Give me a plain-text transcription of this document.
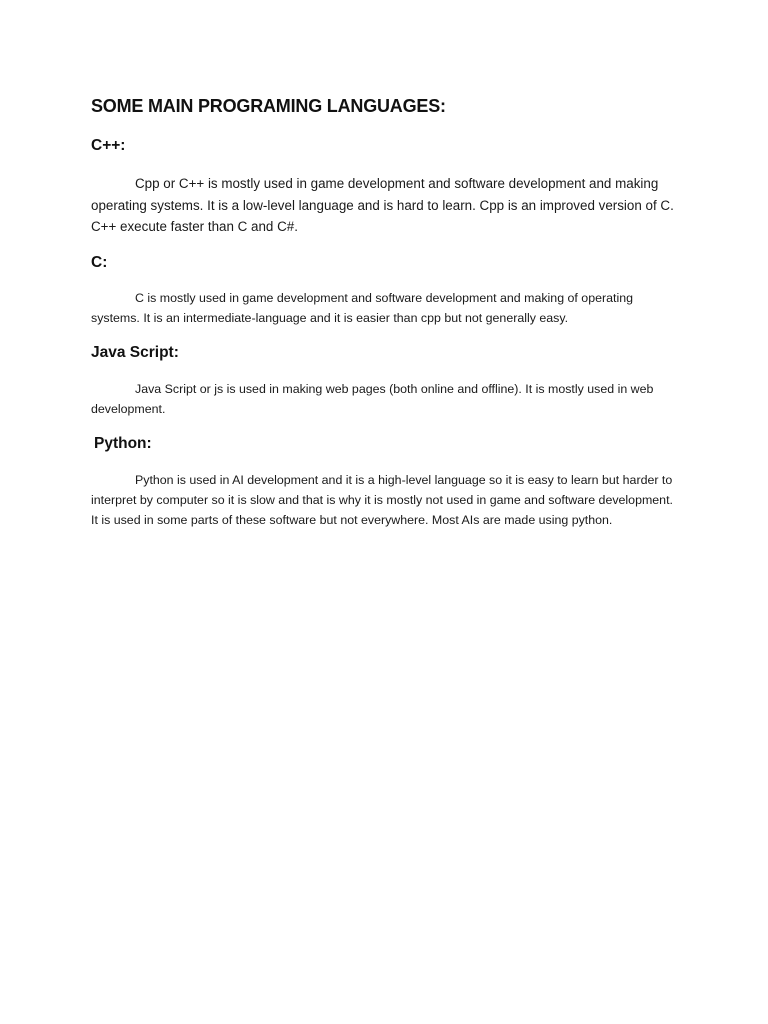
SOME MAIN PROGRAMING LANGUAGES:
C++:

Cpp or C++ is mostly used in game development and software development and making operating systems. It is a low-level language and is hard to learn. Cpp is an improved version of C. C++ execute faster than C and C#.

C:

C is mostly used in game development and software development and making of operating systems. It is an intermediate-language and it is easier than cpp but not generally easy.

Java Script:

Java Script or js is used in making web pages (both online and offline). It is mostly used in web development.

Python:

Python is used in AI development and it is a high-level language so it is easy to learn but harder to interpret by computer so it is slow and that is why it is mostly not used in game and software development. It is used in some parts of these software but not everywhere. Most AIs are made using python.
